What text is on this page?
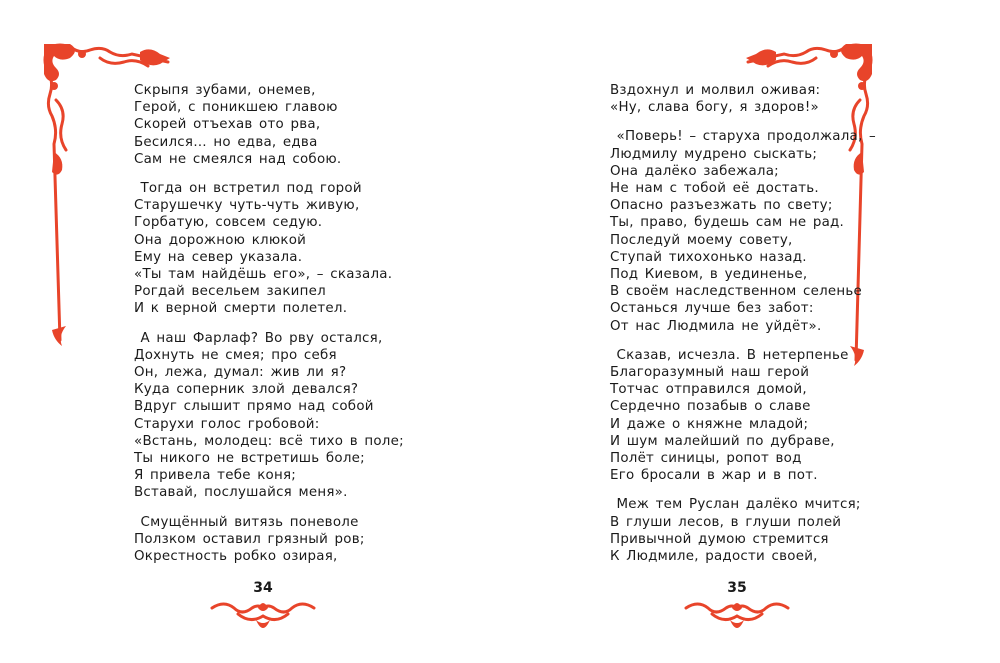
Скрыпя зубами, онемев,
Герой, с поникшею главою
Скорей отъехав ото рва,
Бесился… но едва, едва
Сам не смеялся над собою.
Тогда он встретил под горой
Старушечку чуть-чуть живую,
Горбатую, совсем седую.
Она дорожною клюкой
Ему на север указала.
«Ты там найдёшь его», – сказала.
Рогдай весельем закипел
И к верной смерти полетел.
А наш Фарлаф? Во рву остался,
Дохнуть не смея; про себя
Он, лежа, думал: жив ли я?
Куда соперник злой девался?
Вдруг слышит прямо над собой
Старухи голос гробовой:
«Встань, молодец: всё тихо в поле;
Ты никого не встретишь боле;
Я привела тебе коня;
Вставай, послушайся меня».
Смущённый витязь поневоле
Ползком оставил грязный ров;
Окрестность робко озирая,
34
Вздохнул и молвил оживая:
«Ну, слава богу, я здоров!»
«Поверь! – старуха продолжала, –
Людмилу мудрено сыскать;
Она далёко забежала;
Не нам с тобой её достать.
Опасно разъезжать по свету;
Ты, право, будешь сам не рад.
Последуй моему совету,
Ступай тихохонько назад.
Под Киевом, в уединенье,
В своём наследственном селенье
Останься лучше без забот:
От нас Людмила не уйдёт».
Сказав, исчезла. В нетерпенье
Благоразумный наш герой
Тотчас отправился домой,
Сердечно позабыв о славе
И даже о княжне младой;
И шум малейший по дубраве,
Полёт синицы, ропот вод
Его бросали в жар и в пот.
Меж тем Руслан далёко мчится;
В глуши лесов, в глуши полей
Привычной думою стремится
К Людмиле, радости своей,
35
